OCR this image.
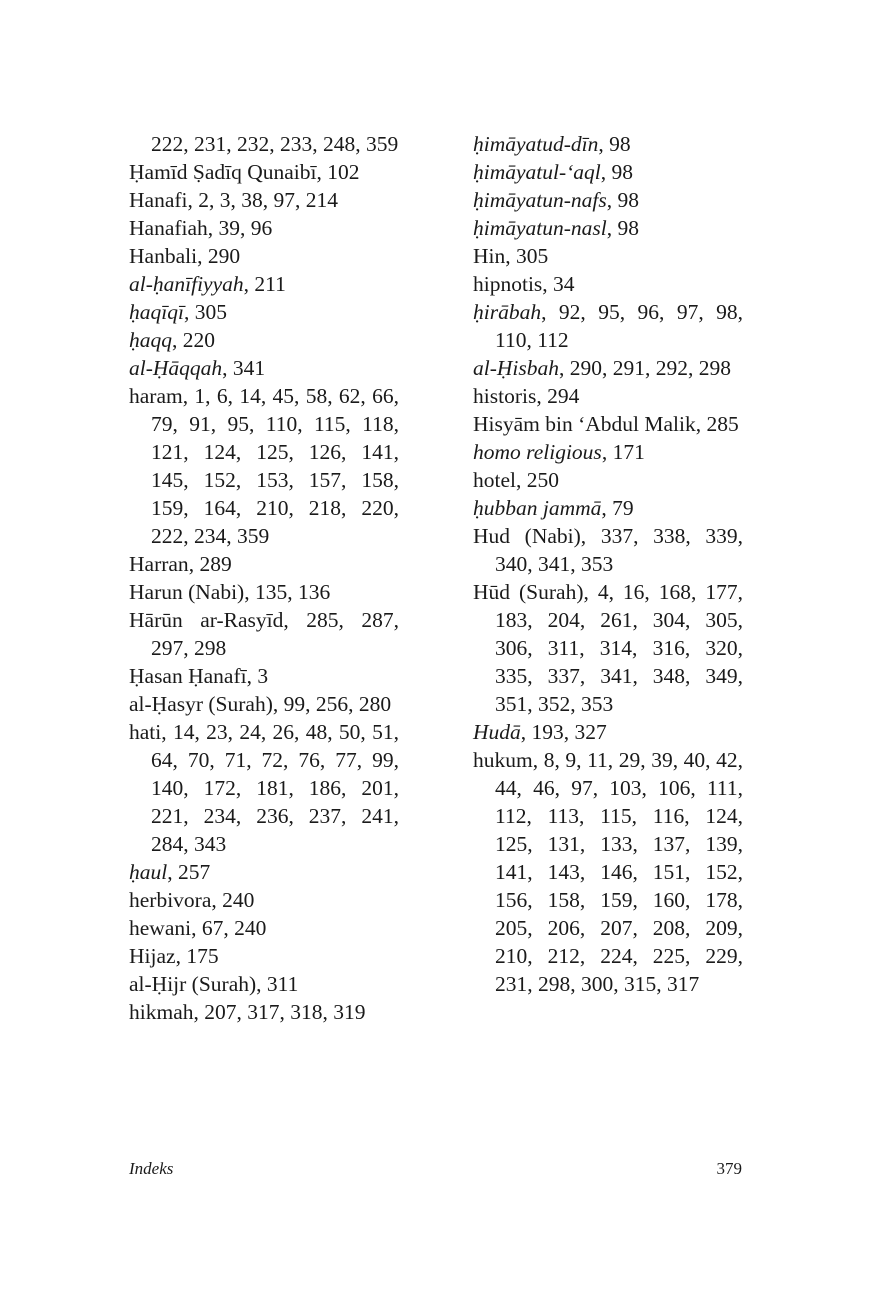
222, 231, 232, 233, 248, 359
Ḥamīd Ṣadīq Qunaibī, 102
Hanafi, 2, 3, 38, 97, 214
Hanafiah, 39, 96
Hanbali, 290
al-ḥanīfiyyah, 211
ḥaqīqī, 305
ḥaqq, 220
al-Ḥāqqah, 341
haram, 1, 6, 14, 45, 58, 62, 66, 79, 91, 95, 110, 115, 118, 121, 124, 125, 126, 141, 145, 152, 153, 157, 158, 159, 164, 210, 218, 220, 222, 234, 359
Harran, 289
Harun (Nabi), 135, 136
Hārūn ar-Rasyīd, 285, 287, 297, 298
Ḥasan Ḥanafī, 3
al-Ḥasyr (Surah), 99, 256, 280
hati, 14, 23, 24, 26, 48, 50, 51, 64, 70, 71, 72, 76, 77, 99, 140, 172, 181, 186, 201, 221, 234, 236, 237, 241, 284, 343
ḥaul, 257
herbivora, 240
hewani, 67, 240
Hijaz, 175
al-Ḥijr (Surah), 311
hikmah, 207, 317, 318, 319
ḥimāyatud-dīn, 98
ḥimāyatul-‘aql, 98
ḥimāyatun-nafs, 98
ḥimāyatun-nasl, 98
Hin, 305
hipnotis, 34
ḥirābah, 92, 95, 96, 97, 98, 110, 112
al-Ḥisbah, 290, 291, 292, 298
historis, 294
Hisyām bin ‘Abdul Malik, 285
homo religious, 171
hotel, 250
ḥubban jammā, 79
Hud (Nabi), 337, 338, 339, 340, 341, 353
Hūd (Surah), 4, 16, 168, 177, 183, 204, 261, 304, 305, 306, 311, 314, 316, 320, 335, 337, 341, 348, 349, 351, 352, 353
Hudā, 193, 327
hukum, 8, 9, 11, 29, 39, 40, 42, 44, 46, 97, 103, 106, 111, 112, 113, 115, 116, 124, 125, 131, 133, 137, 139, 141, 143, 146, 151, 152, 156, 158, 159, 160, 178, 205, 206, 207, 208, 209, 210, 212, 224, 225, 229, 231, 298, 300, 315, 317
Indeks	379
